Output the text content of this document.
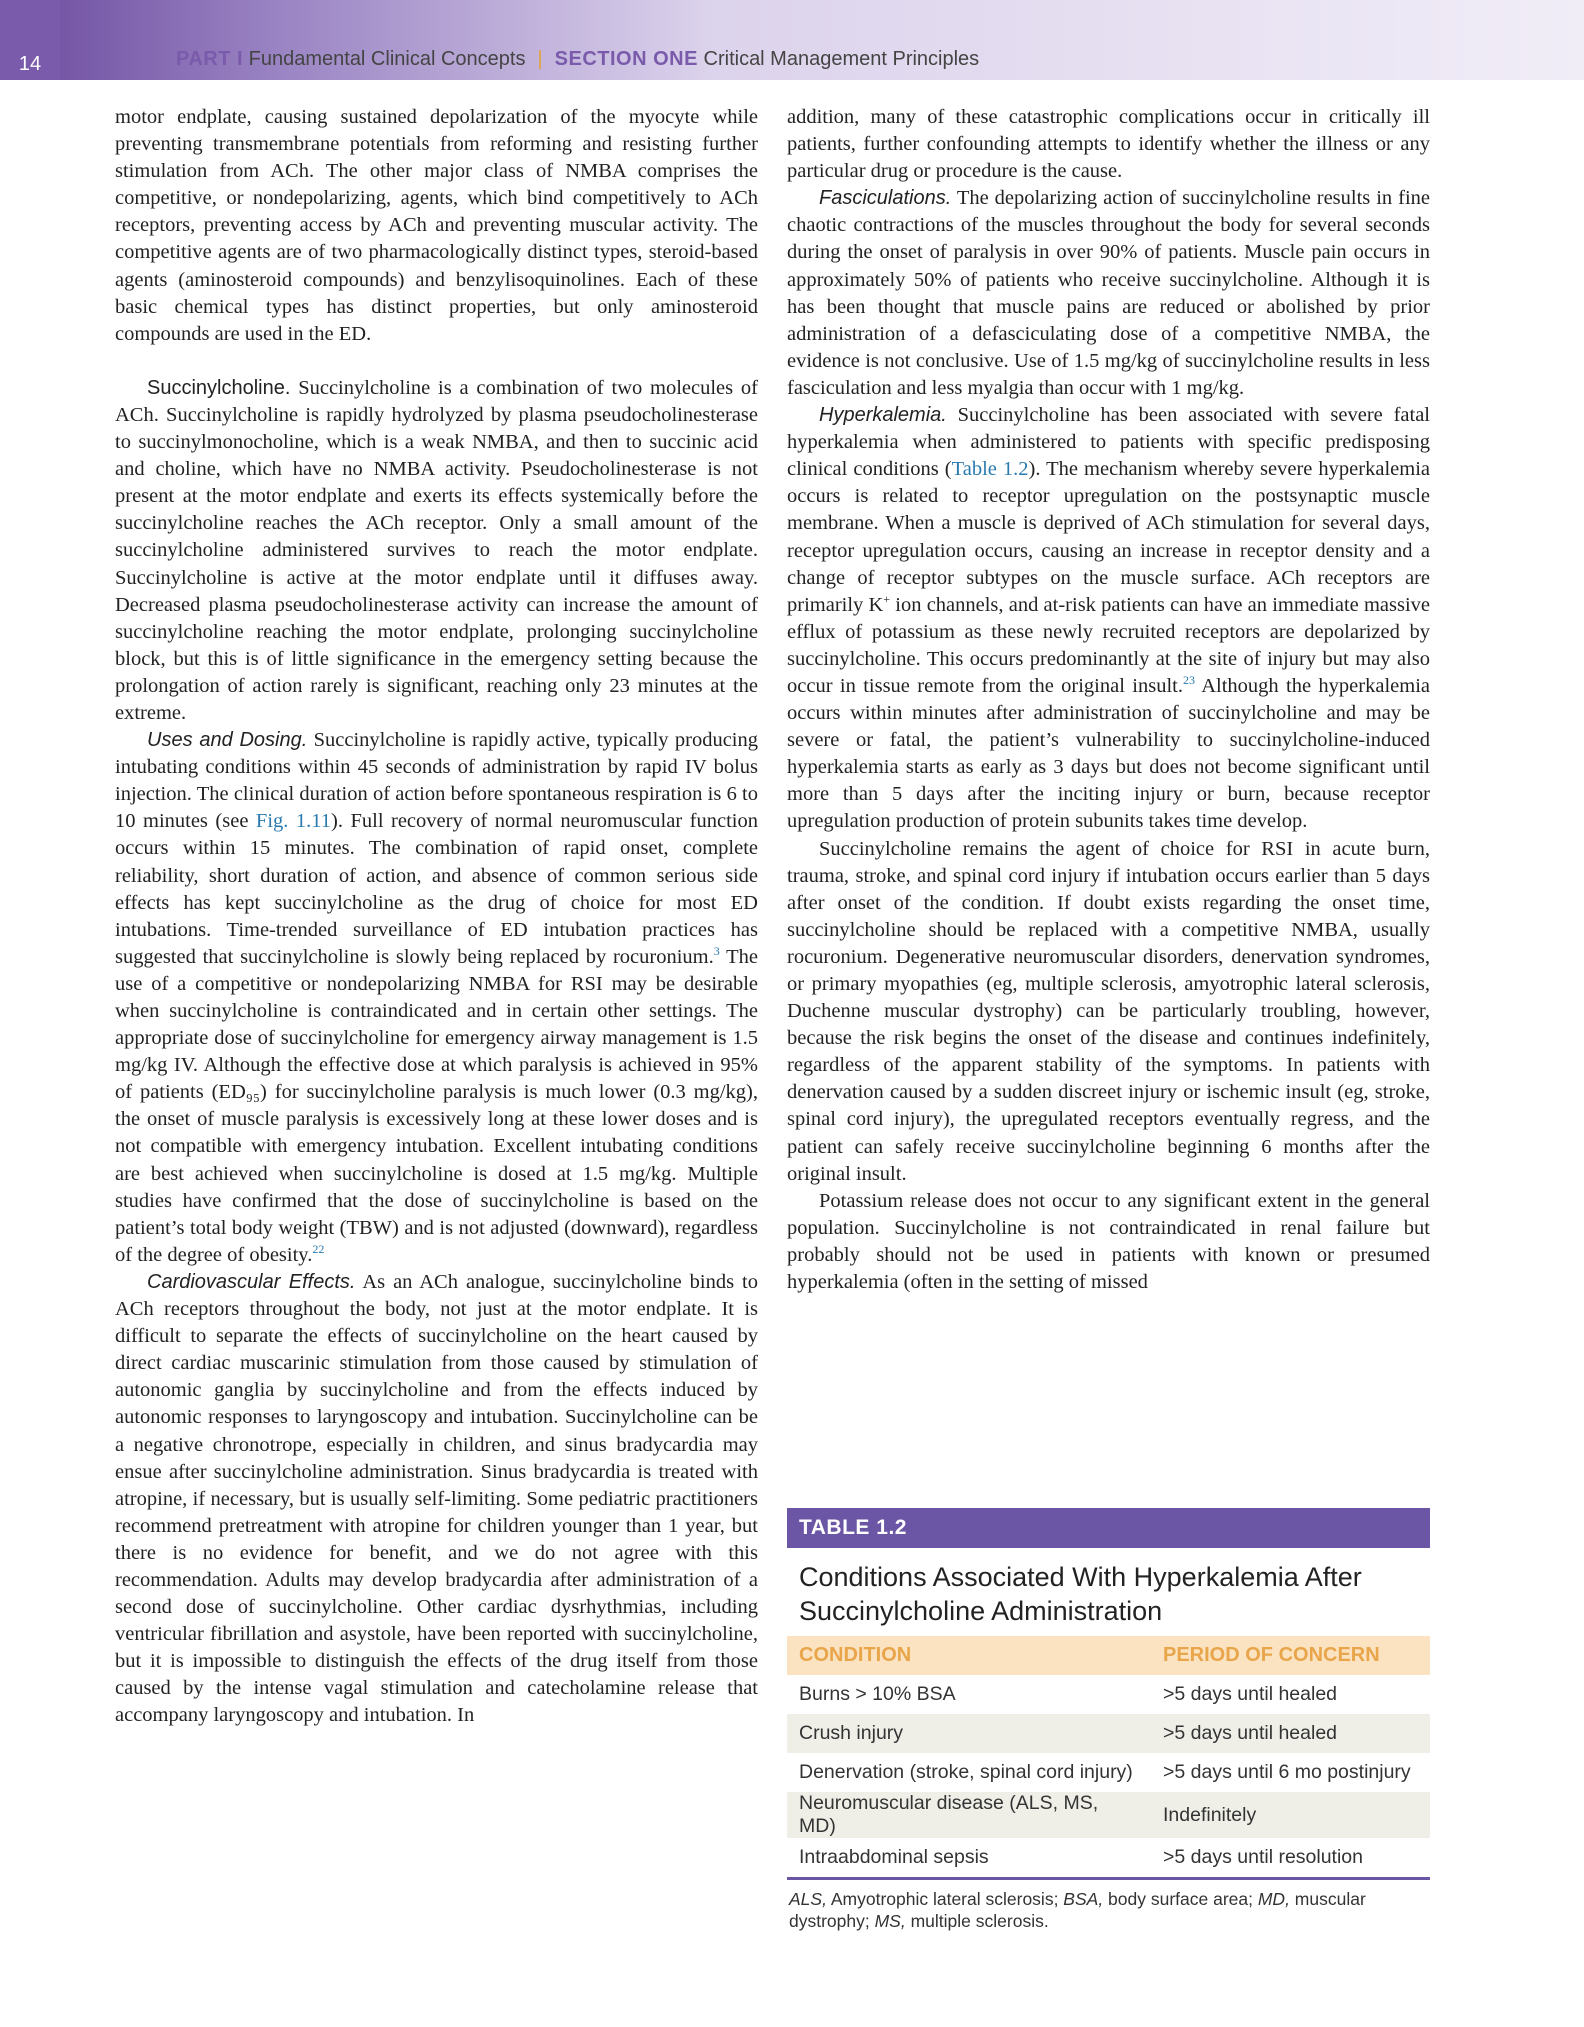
14	PART I Fundamental Clinical Concepts | SECTION ONE Critical Management Principles

motor endplate, causing sustained depolarization of the myocyte while preventing transmembrane potentials from reforming and resisting further stimulation from ACh. The other major class of NMBA comprises the competitive, or nondepolarizing, agents, which bind competitively to ACh receptors, preventing access by ACh and preventing muscular activity. The competitive agents are of two pharmacologically distinct types, steroid-based agents (aminosteroid compounds) and benzylisoquinolines. Each of these basic chemical types has distinct properties, but only aminosteroid compounds are used in the ED.

Succinylcholine. Succinylcholine is a combination of two molecules of ACh. Succinylcholine is rapidly hydrolyzed by plasma pseudocholinesterase to succinylmonocholine, which is a weak NMBA, and then to succinic acid and choline, which have no NMBA activity. Pseudocholinesterase is not present at the motor endplate and exerts its effects systemically before the succinylcholine reaches the ACh receptor. Only a small amount of the succinylcholine administered survives to reach the motor endplate. Succinylcholine is active at the motor endplate until it diffuses away. Decreased plasma pseudocholinesterase activity can increase the amount of succinylcholine reaching the motor endplate, prolonging succinylcholine block, but this is of little significance in the emergency setting because the prolongation of action rarely is significant, reaching only 23 minutes at the extreme.

Uses and Dosing. Succinylcholine is rapidly active, typically producing intubating conditions within 45 seconds of administration by rapid IV bolus injection. The clinical duration of action before spontaneous respiration is 6 to 10 minutes (see Fig. 1.11). Full recovery of normal neuromuscular function occurs within 15 minutes. The combination of rapid onset, complete reliability, short duration of action, and absence of common serious side effects has kept succinylcholine as the drug of choice for most ED intubations. Time-trended surveillance of ED intubation practices has suggested that succinylcholine is slowly being replaced by rocuronium.$^3$ The use of a competitive or nondepolarizing NMBA for RSI may be desirable when succinylcholine is contraindicated and in certain other settings. The appropriate dose of succinylcholine for emergency airway management is 1.5 mg/kg IV. Although the effective dose at which paralysis is achieved in 95% of patients (ED₉₅) for succinylcholine paralysis is much lower (0.3 mg/kg), the onset of muscle paralysis is excessively long at these lower doses and is not compatible with emergency intubation. Excellent intubating conditions are best achieved when succinylcholine is dosed at 1.5 mg/kg. Multiple studies have confirmed that the dose of succinylcholine is based on the patient’s total body weight (TBW) and is not adjusted (downward), regardless of the degree of obesity.$^{22}$

Cardiovascular Effects. As an ACh analogue, succinylcholine binds to ACh receptors throughout the body, not just at the motor endplate. It is difficult to separate the effects of succinylcholine on the heart caused by direct cardiac muscarinic stimulation from those caused by stimulation of autonomic ganglia by succinylcholine and from the effects induced by autonomic responses to laryngoscopy and intubation. Succinylcholine can be a negative chronotrope, especially in children, and sinus bradycardia may ensue after succinylcholine administration. Sinus bradycardia is treated with atropine, if necessary, but is usually self-limiting. Some pediatric practitioners recommend pretreatment with atropine for children younger than 1 year, but there is no evidence for benefit, and we do not agree with this recommendation. Adults may develop bradycardia after administration of a second dose of succinylcholine. Other cardiac dysrhythmias, including ventricular fibrillation and asystole, have been reported with succinylcholine, but it is impossible to distinguish the effects of the drug itself from those caused by the intense vagal stimulation and catecholamine release that accompany laryngoscopy and intubation. In

addition, many of these catastrophic complications occur in critically ill patients, further confounding attempts to identify whether the illness or any particular drug or procedure is the cause.

Fasciculations. The depolarizing action of succinylcholine results in fine chaotic contractions of the muscles throughout the body for several seconds during the onset of paralysis in over 90% of patients. Muscle pain occurs in approximately 50% of patients who receive succinylcholine. Although it is has been thought that muscle pains are reduced or abolished by prior administration of a defasciculating dose of a competitive NMBA, the evidence is not conclusive. Use of 1.5 mg/kg of succinylcholine results in less fasciculation and less myalgia than occur with 1 mg/kg.

Hyperkalemia. Succinylcholine has been associated with severe fatal hyperkalemia when administered to patients with specific predisposing clinical conditions (Table 1.2). The mechanism whereby severe hyperkalemia occurs is related to receptor upregulation on the postsynaptic muscle membrane. When a muscle is deprived of ACh stimulation for several days, receptor upregulation occurs, causing an increase in receptor density and a change of receptor subtypes on the muscle surface. ACh receptors are primarily K+ ion channels, and at-risk patients can have an immediate massive efflux of potassium as these newly recruited receptors are depolarized by succinylcholine. This occurs predominantly at the site of injury but may also occur in tissue remote from the original insult.$^{23}$ Although the hyperkalemia occurs within minutes after administration of succinylcholine and may be severe or fatal, the patient’s vulnerability to succinylcholine-induced hyperkalemia starts as early as 3 days but does not become significant until more than 5 days after the inciting injury or burn, because receptor upregulation production of protein subunits takes time develop.

Succinylcholine remains the agent of choice for RSI in acute burn, trauma, stroke, and spinal cord injury if intubation occurs earlier than 5 days after onset of the condition. If doubt exists regarding the onset time, succinylcholine should be replaced with a competitive NMBA, usually rocuronium. Degenerative neuromuscular disorders, denervation syndromes, or primary myopathies (eg, multiple sclerosis, amyotrophic lateral sclerosis, Duchenne muscular dystrophy) can be particularly troubling, however, because the risk begins the onset of the disease and continues indefinitely, regardless of the apparent stability of the symptoms. In patients with denervation caused by a sudden discreet injury or ischemic insult (eg, stroke, spinal cord injury), the upregulated receptors eventually regress, and the patient can safely receive succinylcholine beginning 6 months after the original insult.

Potassium release does not occur to any significant extent in the general population. Succinylcholine is not contraindicated in renal failure but probably should not be used in patients with known or presumed hyperkalemia (often in the setting of missed

TABLE 1.2
Conditions Associated With Hyperkalemia After Succinylcholine Administration
CONDITION	PERIOD OF CONCERN
Burns > 10% BSA	>5 days until healed
Crush injury	>5 days until healed
Denervation (stroke, spinal cord injury)	>5 days until 6 mo postinjury
Neuromuscular disease (ALS, MS, MD)	Indefinitely
Intraabdominal sepsis	>5 days until resolution
ALS, Amyotrophic lateral sclerosis; BSA, body surface area; MD, muscular dystrophy; MS, multiple sclerosis.
